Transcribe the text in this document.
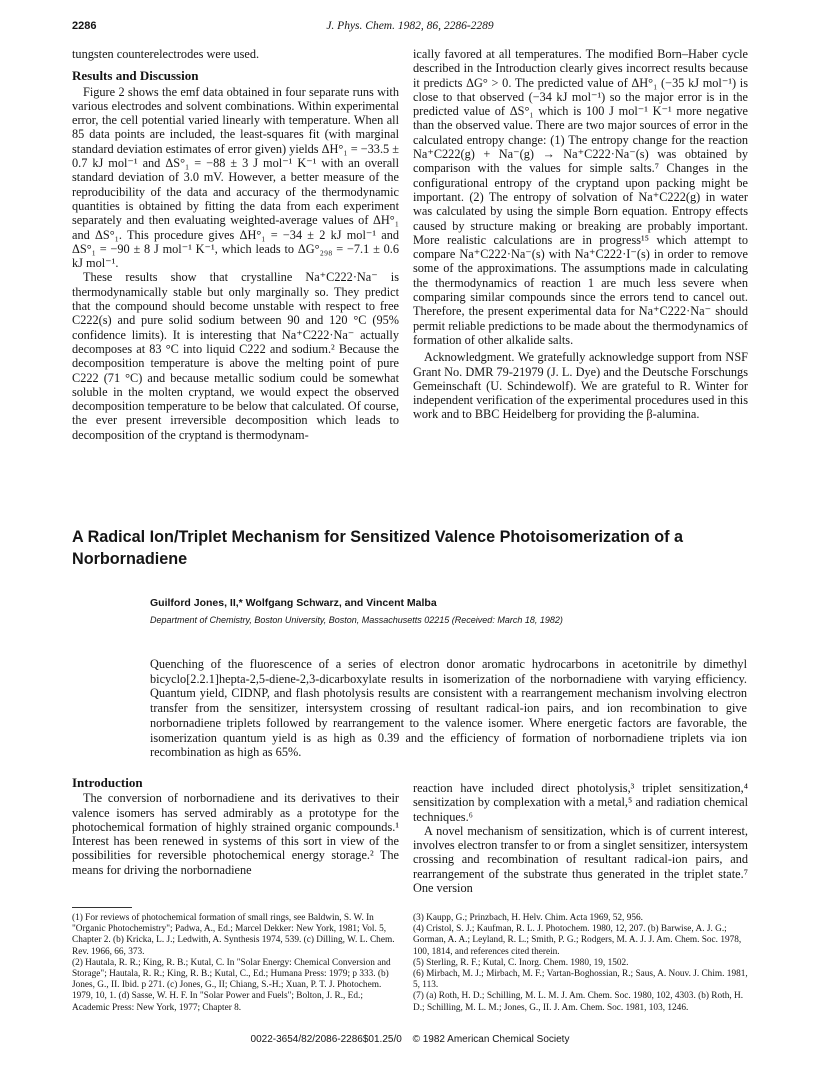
2286	J. Phys. Chem. 1982, 86, 2286-2289

tungsten counterelectrodes were used.

Results and Discussion

Figure 2 shows the emf data obtained in four separate runs with various electrodes and solvent combinations. Within experimental error, the cell potential varied linearly with temperature. When all 85 data points are included, the least-squares fit (with marginal standard deviation estimates of error given) yields ΔH°₁ = −33.5 ± 0.7 kJ mol⁻¹ and ΔS°₁ = −88 ± 3 J mol⁻¹ K⁻¹ with an overall standard deviation of 3.0 mV. However, a better measure of the reproducibility of the data and accuracy of the thermodynamic quantities is obtained by fitting the data from each experiment separately and then evaluating weighted-average values of ΔH°₁ and ΔS°₁. This procedure gives ΔH°₁ = −34 ± 2 kJ mol⁻¹ and ΔS°₁ = −90 ± 8 J mol⁻¹ K⁻¹, which leads to ΔG°₂₉₈ = −7.1 ± 0.6 kJ mol⁻¹.

These results show that crystalline Na⁺C222·Na⁻ is thermodynamically stable but only marginally so. They predict that the compound should become unstable with respect to free C222(s) and pure solid sodium between 90 and 120 °C (95% confidence limits). It is interesting that Na⁺C222·Na⁻ actually decomposes at 83 °C into liquid C222 and sodium.² Because the decomposition temperature is above the melting point of pure C222 (71 °C) and because metallic sodium could be somewhat soluble in the molten cryptand, we would expect the observed decomposition temperature to be below that calculated. Of course, the ever present irreversible decomposition which leads to decomposition of the cryptand is thermodynam-

ically favored at all temperatures. The modified Born–Haber cycle described in the Introduction clearly gives incorrect results because it predicts ΔG° > 0. The predicted value of ΔH°₁ (−35 kJ mol⁻¹) is close to that observed (−34 kJ mol⁻¹) so the major error is in the predicted value of ΔS°₁ which is 100 J mol⁻¹ K⁻¹ more negative than the observed value. There are two major sources of error in the calculated entropy change: (1) The entropy change for the reaction Na⁺C222(g) + Na⁻(g) → Na⁺C222·Na⁻(s) was obtained by comparison with the values for simple salts.⁷ Changes in the configurational entropy of the cryptand upon packing might be important. (2) The entropy of solvation of Na⁺C222(g) in water was calculated by using the simple Born equation. Entropy effects caused by structure making or breaking are probably important. More realistic calculations are in progress¹⁵ which attempt to compare Na⁺C222·Na⁻(s) with Na⁺C222·I⁻(s) in order to remove some of the approximations. The assumptions made in calculating the thermodynamics of reaction 1 are much less severe when comparing similar compounds since the errors tend to cancel out. Therefore, the present experimental data for Na⁺C222·Na⁻ should permit reliable predictions to be made about the thermodynamics of formation of other alkalide salts.

Acknowledgment. We gratefully acknowledge support from NSF Grant No. DMR 79-21979 (J. L. Dye) and the Deutsche Forschungs Gemeinschaft (U. Schindewolf). We are grateful to R. Winter for independent verification of the experimental procedures used in this work and to BBC Heidelberg for providing the β-alumina.

A Radical Ion/Triplet Mechanism for Sensitized Valence Photoisomerization of a Norbornadiene
Guilford Jones, II,* Wolfgang Schwarz, and Vincent Malba
Department of Chemistry, Boston University, Boston, Massachusetts 02215 (Received: March 18, 1982)
Quenching of the fluorescence of a series of electron donor aromatic hydrocarbons in acetonitrile by dimethyl bicyclo[2.2.1]hepta-2,5-diene-2,3-dicarboxylate results in isomerization of the norbornadiene with varying efficiency. Quantum yield, CIDNP, and flash photolysis results are consistent with a rearrangement mechanism involving electron transfer from the sensitizer, intersystem crossing of resultant radical-ion pairs, and ion recombination to give norbornadiene triplets followed by rearrangement to the valence isomer. Where energetic factors are favorable, the isomerization quantum yield is as high as 0.39 and the efficiency of formation of norbornadiene triplets via ion recombination as high as 65%.
Introduction

The conversion of norbornadiene and its derivatives to their valence isomers has served admirably as a prototype for the photochemical formation of highly strained organic compounds.¹ Interest has been renewed in systems of this sort in view of the possibilities for reversible photochemical energy storage.² The means for driving the norbornadiene

reaction have included direct photolysis,³ triplet sensitization,⁴ sensitization by complexation with a metal,⁵ and radiation chemical techniques.⁶

A novel mechanism of sensitization, which is of current interest, involves electron transfer to or from a singlet sensitizer, intersystem crossing and recombination of resultant radical-ion pairs, and rearrangement of the substrate thus generated in the triplet state.⁷ One version

(1) For reviews of photochemical formation of small rings, see Baldwin, S. W. In "Organic Photochemistry"; Padwa, A., Ed.; Marcel Dekker: New York, 1981; Vol. 5, Chapter 2. (b) Kricka, L. J.; Ledwith, A. Synthesis 1974, 539. (c) Dilling, W. L. Chem. Rev. 1966, 66, 373.
(2) Hautala, R. R.; King, R. B.; Kutal, C. In "Solar Energy: Chemical Conversion and Storage"; Hautala, R. R.; King, R. B.; Kutal, C., Ed.; Humana Press: 1979; p 333. (b) Jones, G., II. Ibid. p 271. (c) Jones, G., II; Chiang, S.-H.; Xuan, P. T. J. Photochem. 1979, 10, 1. (d) Sasse, W. H. F. In "Solar Power and Fuels"; Bolton, J. R., Ed.; Academic Press: New York, 1977; Chapter 8.
(3) Kaupp, G.; Prinzbach, H. Helv. Chim. Acta 1969, 52, 956.
(4) Cristol, S. J.; Kaufman, R. L. J. Photochem. 1980, 12, 207. (b) Barwise, A. J. G.; Gorman, A. A.; Leyland, R. L.; Smith, P. G.; Rodgers, M. A. J. J. Am. Chem. Soc. 1978, 100, 1814, and references cited therein.
(5) Sterling, R. F.; Kutal, C. Inorg. Chem. 1980, 19, 1502.
(6) Mirbach, M. J.; Mirbach, M. F.; Vartan-Boghossian, R.; Saus, A. Nouv. J. Chim. 1981, 5, 113.
(7) (a) Roth, H. D.; Schilling, M. L. M. J. Am. Chem. Soc. 1980, 102, 4303. (b) Roth, H. D.; Schilling, M. L. M.; Jones, G., II. J. Am. Chem. Soc. 1981, 103, 1246.
0022-3654/82/2086-2286$01.25/0 © 1982 American Chemical Society
